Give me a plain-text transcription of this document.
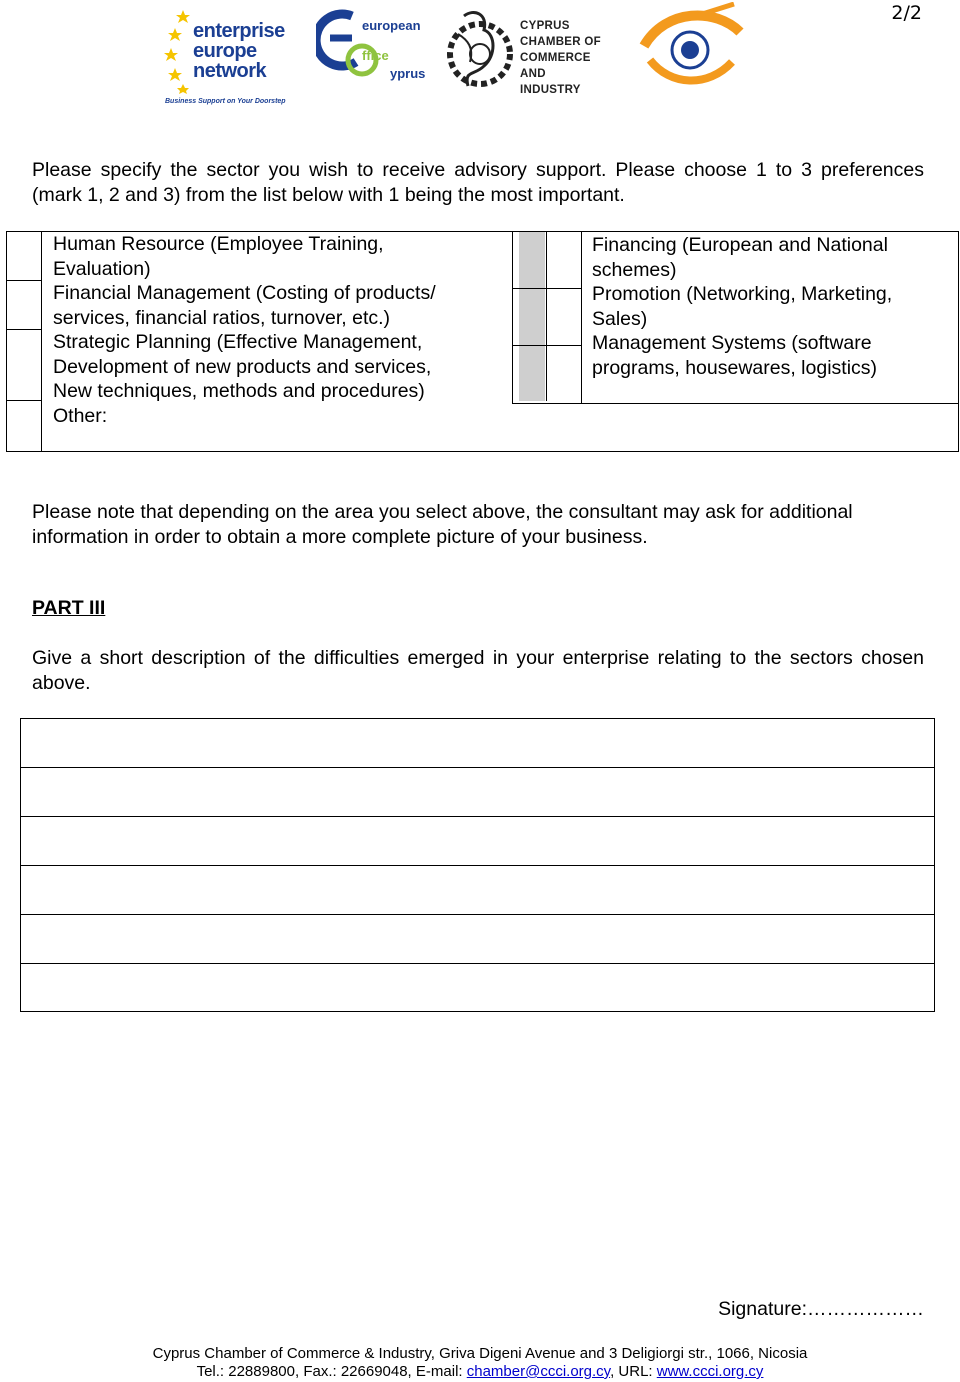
2/2
enterprise
europe
network
Business Support on Your Doorstep
european
ffice
yprus
CYPRUS
CHAMBER OF
COMMERCE AND
INDUSTRY
Please specify the sector you wish to receive advisory support. Please choose 1 to 3 preferences (mark 1, 2 and 3) from the list below with 1 being the most important.
Human Resource (Employee Training,
Evaluation)
Financial Management (Costing of products/
services, financial ratios, turnover, etc.)
Strategic Planning (Effective Management,
Development of new products and services,
New techniques, methods and procedures)
Other:
Financing (European and National
schemes)
Promotion (Networking, Marketing,
Sales)
Management Systems (software
programs, housewares, logistics)
Please note that depending on the area you select above, the consultant may ask for additional information in order to obtain a more complete picture of your business.
PART III
Give a short description of the difficulties emerged in your enterprise relating to the sectors chosen above.
Signature:………………
Cyprus Chamber of Commerce & Industry, Griva Digeni Avenue and 3 Deligiorgi str., 1066, Nicosia
Tel.: 22889800, Fax.: 22669048, E-mail: chamber@ccci.org.cy, URL: www.ccci.org.cy
